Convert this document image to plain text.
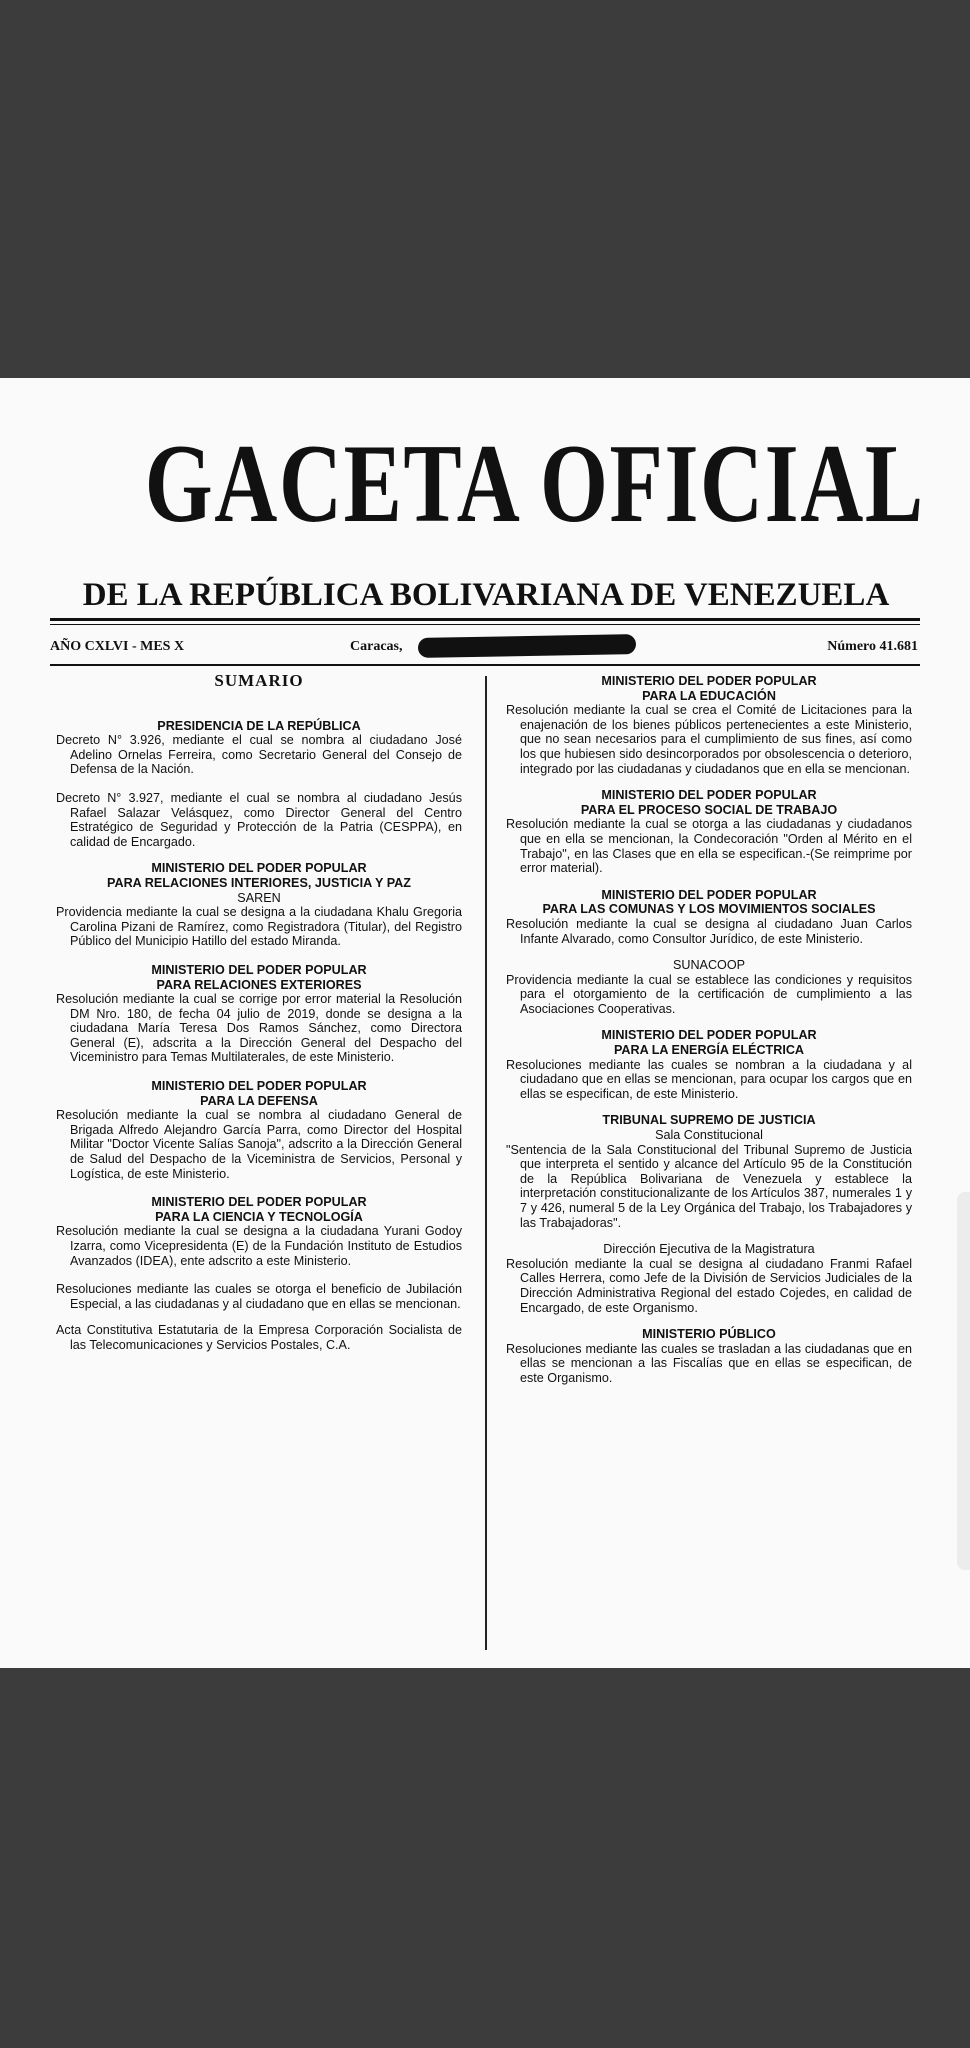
GACETA OFICIAL
DE LA REPÚBLICA BOLIVARIANA DE VENEZUELA
AÑO CXLVI - MES X	Caracas,	Número 41.681
SUMARIO
PRESIDENCIA DE LA REPÚBLICA
Decreto N° 3.926, mediante el cual se nombra al ciudadano José Adelino Ornelas Ferreira, como Secretario General del Consejo de Defensa de la Nación.
Decreto N° 3.927, mediante el cual se nombra al ciudadano Jesús Rafael Salazar Velásquez, como Director General del Centro Estratégico de Seguridad y Protección de la Patria (CESPPA), en calidad de Encargado.
MINISTERIO DEL PODER POPULAR
PARA RELACIONES INTERIORES, JUSTICIA Y PAZ
SAREN
Providencia mediante la cual se designa a la ciudadana Khalu Gregoria Carolina Pizani de Ramírez, como Registradora (Titular), del Registro Público del Municipio Hatillo del estado Miranda.
MINISTERIO DEL PODER POPULAR
PARA RELACIONES EXTERIORES
Resolución mediante la cual se corrige por error material la Resolución DM Nro. 180, de fecha 04 julio de 2019, donde se designa a la ciudadana María Teresa Dos Ramos Sánchez, como Directora General (E), adscrita a la Dirección General del Despacho del Viceministro para Temas Multilaterales, de este Ministerio.
MINISTERIO DEL PODER POPULAR
PARA LA DEFENSA
Resolución mediante la cual se nombra al ciudadano General de Brigada Alfredo Alejandro García Parra, como Director del Hospital Militar "Doctor Vicente Salías Sanoja", adscrito a la Dirección General de Salud del Despacho de la Viceministra de Servicios, Personal y Logística, de este Ministerio.
MINISTERIO DEL PODER POPULAR
PARA LA CIENCIA Y TECNOLOGÍA
Resolución mediante la cual se designa a la ciudadana Yurani Godoy Izarra, como Vicepresidenta (E) de la Fundación Instituto de Estudios Avanzados (IDEA), ente adscrito a este Ministerio.
Resoluciones mediante las cuales se otorga el beneficio de Jubilación Especial, a las ciudadanas y al ciudadano que en ellas se mencionan.
Acta Constitutiva Estatutaria de la Empresa Corporación Socialista de las Telecomunicaciones y Servicios Postales, C.A.
MINISTERIO DEL PODER POPULAR
PARA LA EDUCACIÓN
Resolución mediante la cual se crea el Comité de Licitaciones para la enajenación de los bienes públicos pertenecientes a este Ministerio, que no sean necesarios para el cumplimiento de sus fines, así como los que hubiesen sido desincorporados por obsolescencia o deterioro, integrado por las ciudadanas y ciudadanos que en ella se mencionan.
MINISTERIO DEL PODER POPULAR
PARA EL PROCESO SOCIAL DE TRABAJO
Resolución mediante la cual se otorga a las ciudadanas y ciudadanos que en ella se mencionan, la Condecoración "Orden al Mérito en el Trabajo", en las Clases que en ella se especifican.-(Se reimprime por error material).
MINISTERIO DEL PODER POPULAR
PARA LAS COMUNAS Y LOS MOVIMIENTOS SOCIALES
Resolución mediante la cual se designa al ciudadano Juan Carlos Infante Alvarado, como Consultor Jurídico, de este Ministerio.
SUNACOOP
Providencia mediante la cual se establece las condiciones y requisitos para el otorgamiento de la certificación de cumplimiento a las Asociaciones Cooperativas.
MINISTERIO DEL PODER POPULAR
PARA LA ENERGÍA ELÉCTRICA
Resoluciones mediante las cuales se nombran a la ciudadana y al ciudadano que en ellas se mencionan, para ocupar los cargos que en ellas se especifican, de este Ministerio.
TRIBUNAL SUPREMO DE JUSTICIA
Sala Constitucional
"Sentencia de la Sala Constitucional del Tribunal Supremo de Justicia que interpreta el sentido y alcance del Artículo 95 de la Constitución de la República Bolivariana de Venezuela y establece la interpretación constitucionalizante de los Artículos 387, numerales 1 y 7 y 426, numeral 5 de la Ley Orgánica del Trabajo, los Trabajadores y las Trabajadoras".
Dirección Ejecutiva de la Magistratura
Resolución mediante la cual se designa al ciudadano Franmi Rafael Calles Herrera, como Jefe de la División de Servicios Judiciales de la Dirección Administrativa Regional del estado Cojedes, en calidad de Encargado, de este Organismo.
MINISTERIO PÚBLICO
Resoluciones mediante las cuales se trasladan a las ciudadanas que en ellas se mencionan a las Fiscalías que en ellas se especifican, de este Organismo.
